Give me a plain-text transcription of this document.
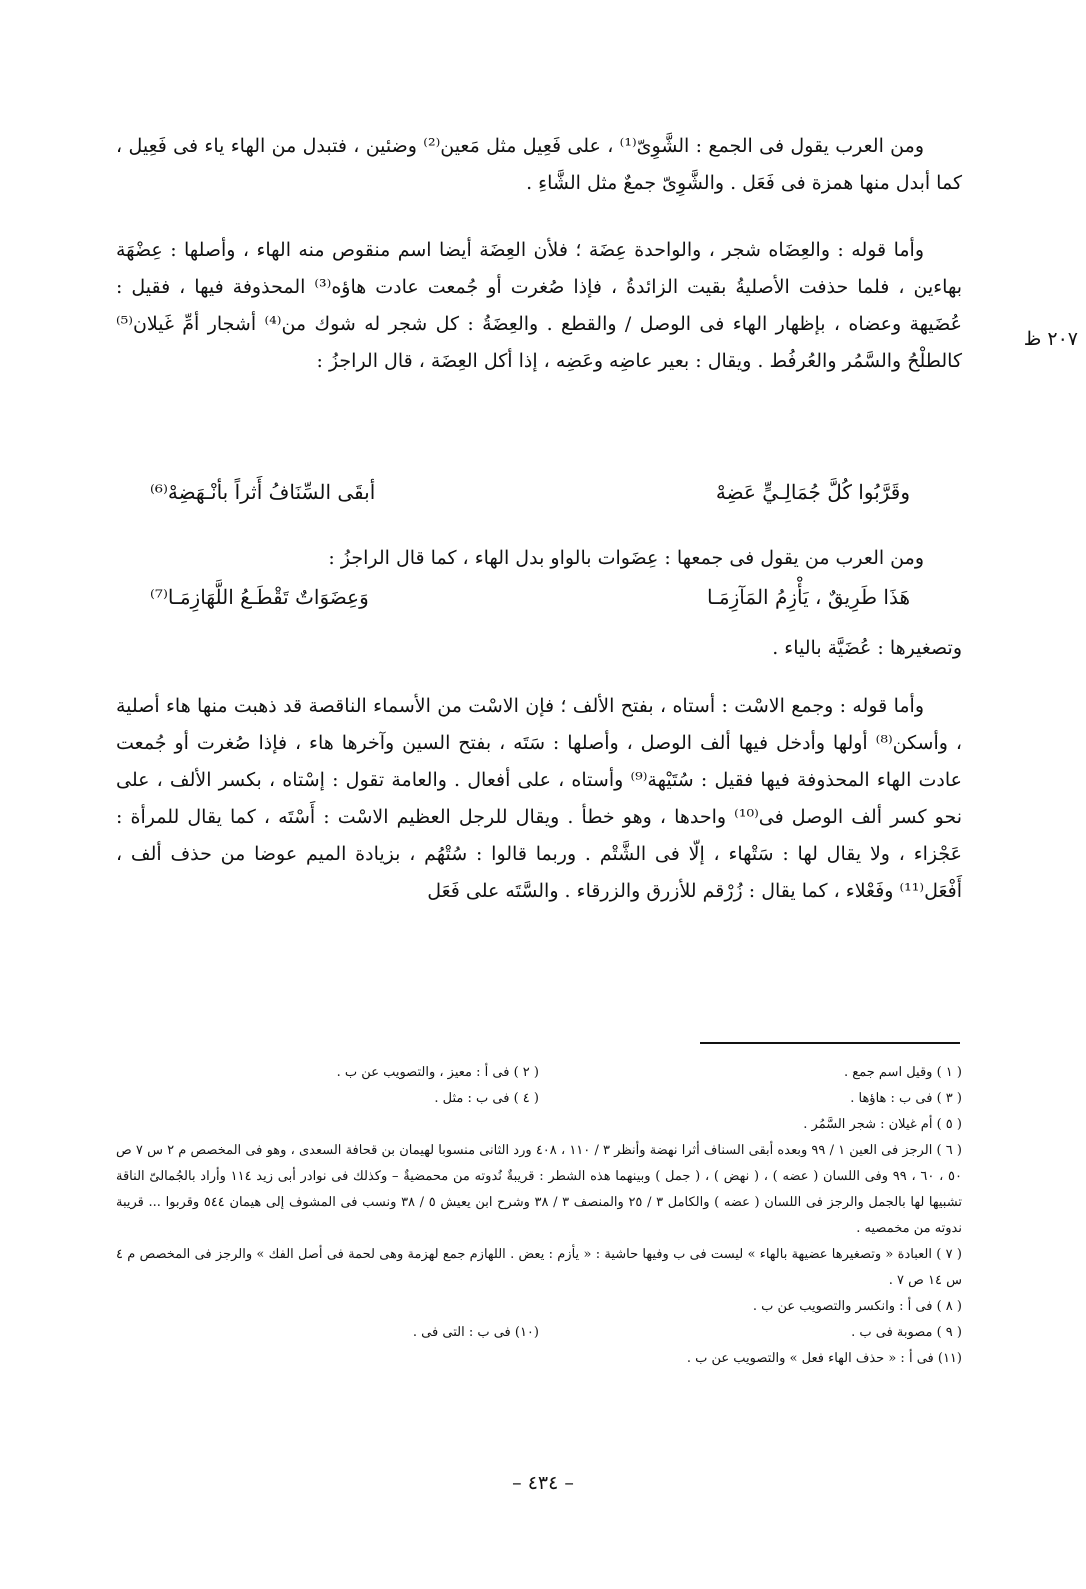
٢٠٧ ظ

ومن العرب يقول فى الجمع : الشَّوِىّ⁽¹⁾ ، على فَعِيل مثل مَعين⁽²⁾ وضئين ، فتبدل من الهاء ياء فى فَعِيل ، كما أبدل منها همزة فى فَعَل . والشَّوِىّ جمعٌ مثل الشَّاءِ .

وأما قوله : والعِضَاه شجر ، والواحدة عِضَة ؛ فلأن العِضَة أيضا اسم منقوص منه الهاء ، وأصلها : عِضْهَة بهاءين ، فلما حذفت الأصليةُ بقيت الزائدةُ ، فإذا صُغرت أو جُمعت عادت هاؤه⁽³⁾ المحذوفة فيها ، فقيل : عُضَيهة وعضاه ، بإظهار الهاء فى الوصل / والقطع . والعِضَةُ : كل شجر له شوك من⁽⁴⁾ أشجار أمِّ غَيلان⁽⁵⁾ كالطلْحُ والسَّمُر والعُرفُط . ويقال : بعير عاضِه وعَضِه ، إذا أكل العِضَة ، قال الراجزُ :

وقَرَّبُوا كُلَّ جُمَالِـيٍّ عَضِهْ
أبقَى السِّنَافُ أَثراً بأنْـهَضِهْ⁽⁶⁾

ومن العرب من يقول فى جمعها : عِضَوات بالواو بدل الهاء ، كما قال الراجزُ :

هَذَا طَرِيقٌ ، يَأْزِمُ المَآزِمَـا
وَعِضَوَاتٌ تَقْطَـعُ اللَّهَازِمَـا⁽⁷⁾

وتصغيرها : عُضَيَّة بالياء .

وأما قوله : وجمع الاسْت : أستاه ، بفتح الألف ؛ فإن الاسْت من الأسماء الناقصة قد ذهبت منها هاء أصلية ، وأسكن⁽⁸⁾ أولها وأدخل فيها ألف الوصل ، وأصلها : سَتَه ، بفتح السين وآخرها هاء ، فإذا صُغرت أو جُمعت عادت الهاء المحذوفة فيها فقيل : سُتَيْهة⁽⁹⁾ وأستاه ، على أفعال . والعامة تقول : إسْتاه ، بكسر الألف ، على نحو كسر ألف الوصل فى⁽¹⁰⁾ واحدها ، وهو خطأ . ويقال للرجل العظيم الاسْت : أَسْتَه ، كما يقال للمرأة : عَجْزاء ، ولا يقال لها : سَتْهاء ، إلّا فى الشَّتْم . وربما قالوا : سُتْهُم ، بزيادة الميم عوضا من حذف ألف ، أَفْعَل⁽¹¹⁾ وفَعْلاء ، كما يقال : زُرْقم للأزرق والزرقاء . والسَّتَه على فَعَل

( ١ ) وقيل اسم جمع .
( ٢ ) فى أ : معيز ، والتصويب عن ب .
( ٣ ) فى ب : هاؤها .
( ٤ ) فى ب : مثل .
( ٥ ) أم غيلان : شجر السَّمُر .
( ٦ ) الرجز فى العين ١ / ٩٩ وبعده أبقى السناف أثرا نهضة وأنظر ٣ / ١١٠ ، ٤٠٨ ورد الثانى منسوبا لهيمان بن قحافة السعدى ، وهو فى المخصص م ٢ س ٧ ص ٥٠ ، ٦٠ ، ٩٩ وفى اللسان ( عضه ) ، ( نهض ) ، ( جمل ) وبينهما هذه الشطر : قريبةٌ نُدوته من محمضيةٌ – وكذلك فى نوادر أبى زيد ١١٤ وأراد بالجُمالىّ الناقة تشبيها لها بالجمل والرجز فى اللسان ( عضه ) والكامل ٣ / ٢٥ والمنصف ٣ / ٣٨ وشرح ابن يعيش ٥ / ٣٨ ونسب فى المشوف إلى هيمان ٥٤٤ وقربوا ... قريبة ندوته من مخمصيه .
( ٧ ) العبادة « وتصغيرها عضيهة بالهاء » ليست فى ب وفيها حاشية : « يأزم : يعض . اللهازم جمع لهزمة وهى لحمة فى أصل الفك » والرجز فى المخصص م ٤ س ١٤ ص ٧ .
( ٨ ) فى أ : وانكسر والتصويب عن ب .
( ٩ ) مصوبة فى ب .
(١٠) فى ب : التى فى .
(١١) فى أ : « حذف الهاء فعل » والتصويب عن ب .
– ٤٣٤ –
